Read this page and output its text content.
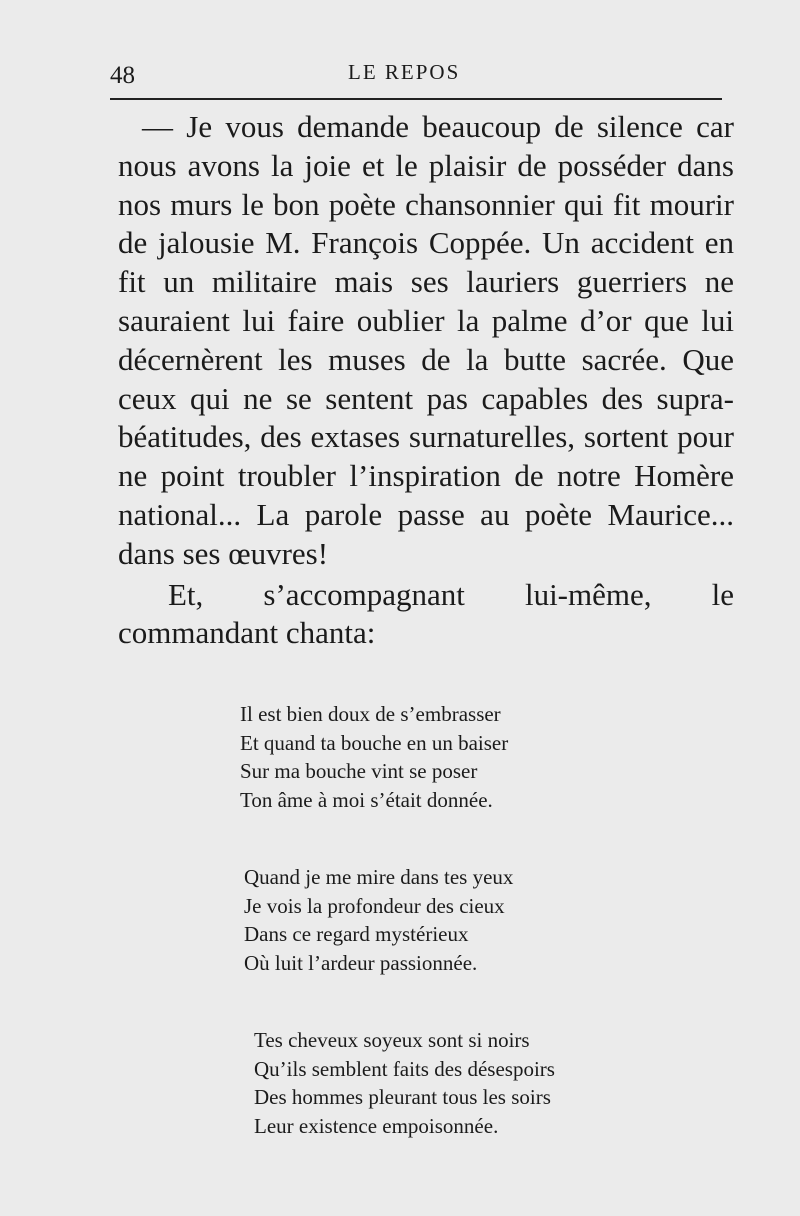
48	LE REPOS

— Je vous demande beaucoup de silence car nous avons la joie et le plaisir de posséder dans nos murs le bon poète chansonnier qui fit mourir de jalousie M. François Coppée. Un accident en fit un militaire mais ses lauriers guerriers ne sauraient lui faire oublier la palme d’or que lui décernèrent les muses de la butte sacrée. Que ceux qui ne se sentent pas capables des supra-béatitudes, des extases surnaturelles, sortent pour ne point troubler l’inspiration de notre Homère national... La parole passe au poète Maurice... dans ses œuvres!

Et, s’accompagnant lui-même, le commandant chanta:

Il est bien doux de s’embrasser
Et quand ta bouche en un baiser
Sur ma bouche vint se poser
Ton âme à moi s’était donnée.
Quand je me mire dans tes yeux
Je vois la profondeur des cieux
Dans ce regard mystérieux
Où luit l’ardeur passionnée.
Tes cheveux soyeux sont si noirs
Qu’ils semblent faits des désespoirs
Des hommes pleurant tous les soirs
Leur existence empoisonnée.
